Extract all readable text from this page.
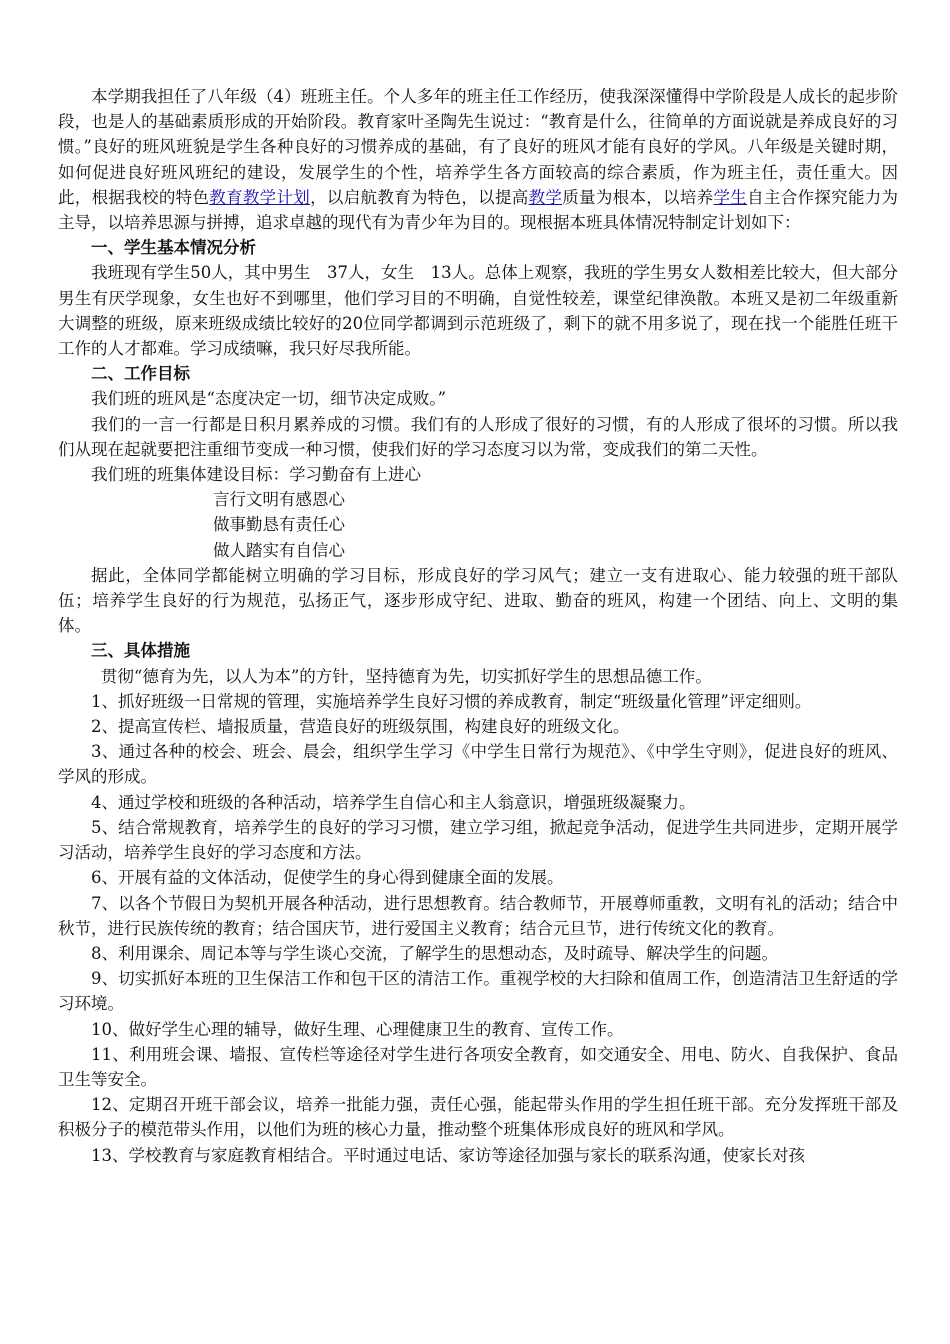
本学期我担任了八年级（4）班班主任。个人多年的班主任工作经历，使我深深懂得中学阶段是人成长的起步阶段，也是人的基础素质形成的开始阶段。教育家叶圣陶先生说过：“教育是什么，往简单的方面说就是养成良好的习惯。”良好的班风班貌是学生各种良好的习惯养成的基础，有了良好的班风才能有良好的学风。八年级是关键时期，如何促进良好班风班纪的建设，发展学生的个性，培养学生各方面较高的综合素质，作为班主任，责任重大。因此，根据我校的特色教育教学计划，以启航教育为特色，以提高教学质量为根本，以培养学生自主合作探究能力为主导，以培养思源与拼搏，追求卓越的现代有为青少年为目的。现根据本班具体情况特制定计划如下：

一、学生基本情况分析

我班现有学生50人，其中男生　37人，女生　13人。总体上观察，我班的学生男女人数相差比较大，但大部分男生有厌学现象，女生也好不到哪里，他们学习目的不明确，自觉性较差，课堂纪律涣散。本班又是初二年级重新大调整的班级，原来班级成绩比较好的20位同学都调到示范班级了，剩下的就不用多说了，现在找一个能胜任班干工作的人才都难。学习成绩嘛，我只好尽我所能。

二、工作目标

我们班的班风是“态度决定一切，细节决定成败。”

我们的一言一行都是日积月累养成的习惯。我们有的人形成了很好的习惯，有的人形成了很坏的习惯。所以我们从现在起就要把注重细节变成一种习惯，使我们好的学习态度习以为常，变成我们的第二天性。

我们班的班集体建设目标：学习勤奋有上进心

言行文明有感恩心

做事勤恳有责任心

做人踏实有自信心

据此，全体同学都能树立明确的学习目标，形成良好的学习风气；建立一支有进取心、能力较强的班干部队伍；培养学生良好的行为规范，弘扬正气，逐步形成守纪、进取、勤奋的班风，构建一个团结、向上、文明的集体。

三、具体措施

贯彻“德育为先，以人为本”的方针，坚持德育为先，切实抓好学生的思想品德工作。

1、抓好班级一日常规的管理，实施培养学生良好习惯的养成教育，制定“班级量化管理”评定细则。

2、提高宣传栏、墙报质量，营造良好的班级氛围，构建良好的班级文化。

3、通过各种的校会、班会、晨会，组织学生学习《中学生日常行为规范》、《中学生守则》，促进良好的班风、学风的形成。

4、通过学校和班级的各种活动，培养学生自信心和主人翁意识，增强班级凝聚力。

5、结合常规教育，培养学生的良好的学习习惯，建立学习组，掀起竞争活动，促进学生共同进步，定期开展学习活动，培养学生良好的学习态度和方法。

6、开展有益的文体活动，促使学生的身心得到健康全面的发展。

7、以各个节假日为契机开展各种活动，进行思想教育。结合教师节，开展尊师重教，文明有礼的活动；结合中秋节，进行民族传统的教育；结合国庆节，进行爱国主义教育；结合元旦节，进行传统文化的教育。

8、利用课余、周记本等与学生谈心交流，了解学生的思想动态，及时疏导、解决学生的问题。

9、切实抓好本班的卫生保洁工作和包干区的清洁工作。重视学校的大扫除和值周工作，创造清洁卫生舒适的学习环境。

10、做好学生心理的辅导，做好生理、心理健康卫生的教育、宣传工作。

11、利用班会课、墙报、宣传栏等途径对学生进行各项安全教育，如交通安全、用电、防火、自我保护、食品卫生等安全。

12、定期召开班干部会议，培养一批能力强，责任心强，能起带头作用的学生担任班干部。充分发挥班干部及积极分子的模范带头作用，以他们为班的核心力量，推动整个班集体形成良好的班风和学风。

13、学校教育与家庭教育相结合。平时通过电话、家访等途径加强与家长的联系沟通，使家长对孩
